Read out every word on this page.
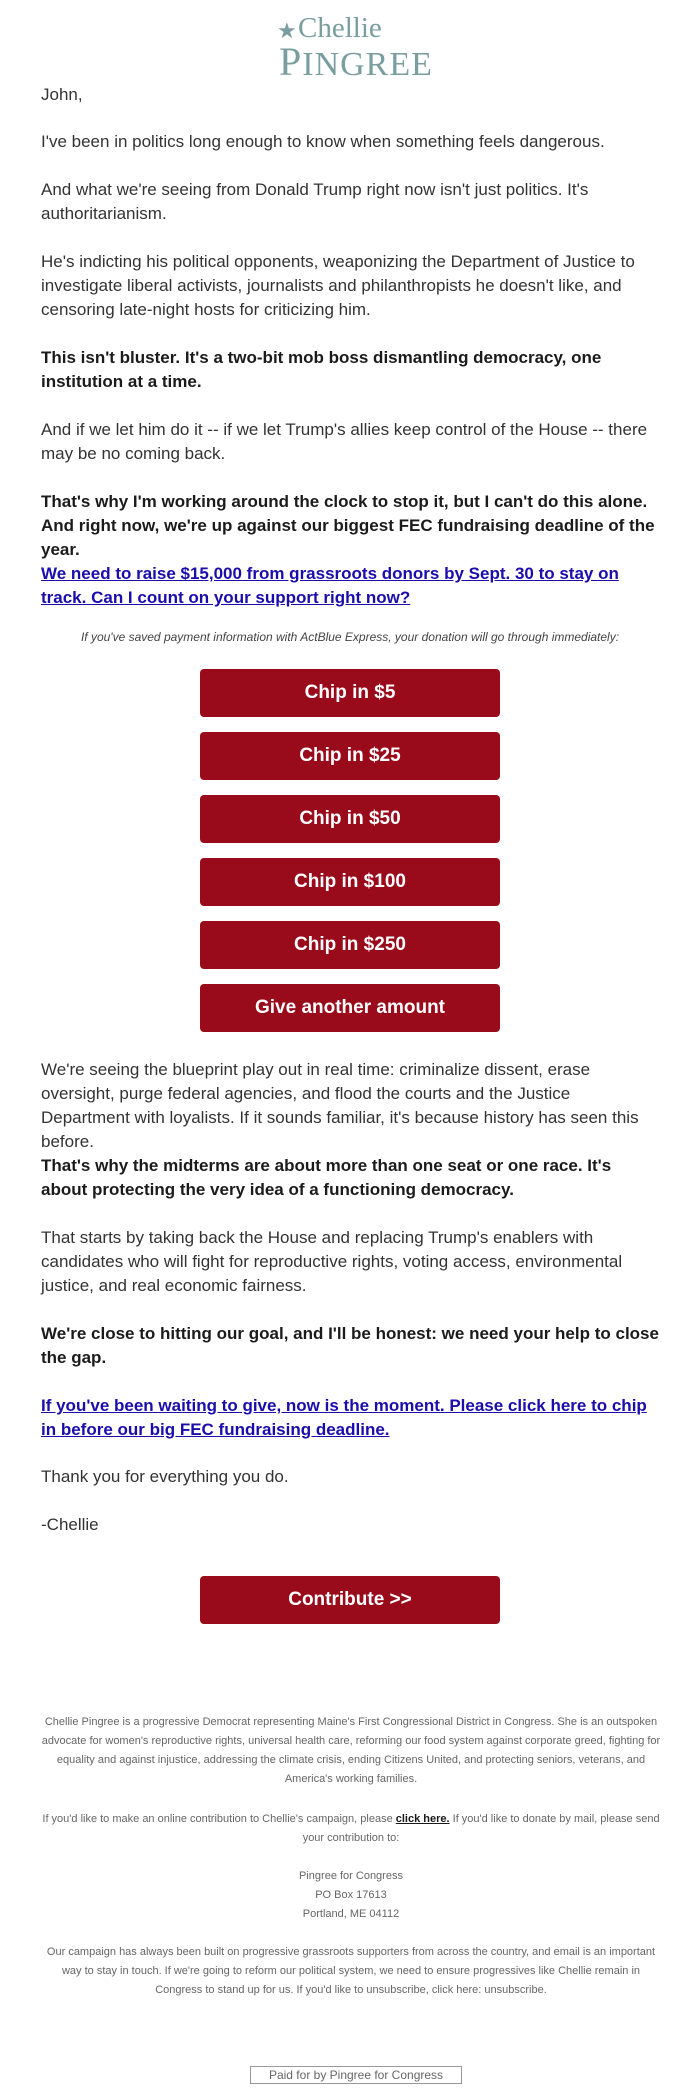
★ Chellie
PINGREE
John,
I've been in politics long enough to know when something feels dangerous.
And what we're seeing from Donald Trump right now isn't just politics. It's authoritarianism.
He's indicting his political opponents, weaponizing the Department of Justice to investigate liberal activists, journalists and philanthropists he doesn't like, and censoring late-night hosts for criticizing him.
This isn't bluster. It's a two-bit mob boss dismantling democracy, one institution at a time.
And if we let him do it -- if we let Trump's allies keep control of the House -- there may be no coming back.
That's why I'm working around the clock to stop it, but I can't do this alone. And right now, we're up against our biggest FEC fundraising deadline of the year.
We need to raise $15,000 from grassroots donors by Sept. 30 to stay on track. Can I count on your support right now?
If you've saved payment information with ActBlue Express, your donation will go through immediately:
Chip in $5
Chip in $25
Chip in $50
Chip in $100
Chip in $250
Give another amount
We're seeing the blueprint play out in real time: criminalize dissent, erase oversight, purge federal agencies, and flood the courts and the Justice Department with loyalists. If it sounds familiar, it's because history has seen this before.
That's why the midterms are about more than one seat or one race. It's about protecting the very idea of a functioning democracy.
That starts by taking back the House and replacing Trump's enablers with candidates who will fight for reproductive rights, voting access, environmental justice, and real economic fairness.
We're close to hitting our goal, and I'll be honest: we need your help to close the gap.
If you've been waiting to give, now is the moment. Please click here to chip in before our big FEC fundraising deadline.
Thank you for everything you do.
-Chellie
Contribute >>
Chellie Pingree is a progressive Democrat representing Maine's First Congressional District in Congress. She is an outspoken advocate for women's reproductive rights, universal health care, reforming our food system against corporate greed, fighting for equality and against injustice, addressing the climate crisis, ending Citizens United, and protecting seniors, veterans, and America's working families.
If you'd like to make an online contribution to Chellie's campaign, please click here. If you'd like to donate by mail, please send your contribution to:
Pingree for Congress
PO Box 17613
Portland, ME 04112
Our campaign has always been built on progressive grassroots supporters from across the country, and email is an important way to stay in touch. If we're going to reform our political system, we need to ensure progressives like Chellie remain in Congress to stand up for us. If you'd like to unsubscribe, click here: unsubscribe.
Paid for by Pingree for Congress
